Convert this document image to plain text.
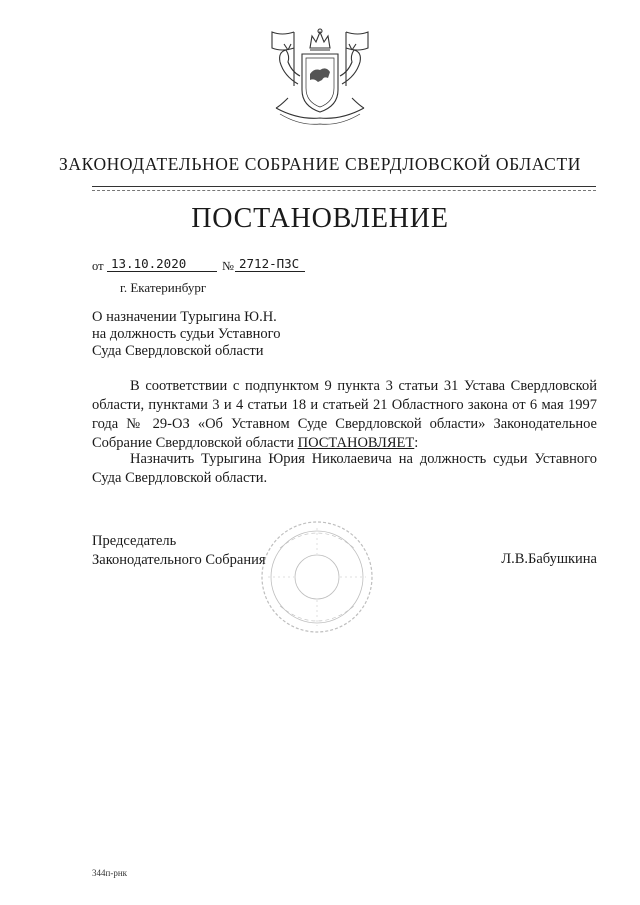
ЗАКОНОДАТЕЛЬНОЕ СОБРАНИЕ СВЕРДЛОВСКОЙ ОБЛАСТИ
ПОСТАНОВЛЕНИЕ
от 13.10.2020	№ 2712-ПЗС
г. Екатеринбург
О назначении Турыгина Ю.Н.
на должность судьи Уставного
Суда Свердловской области
В соответствии с подпунктом 9 пункта 3 статьи 31 Устава Свердловской области, пунктами 3 и 4 статьи 18 и статьей 21 Областного закона от 6 мая 1997 года № 29-ОЗ «Об Уставном Суде Свердловской области» Законодательное Собрание Свердловской области ПОСТАНОВЛЯЕТ:
Назначить Турыгина Юрия Николаевича на должность судьи Уставного Суда Свердловской области.
Председатель
Законодательного Собрания	Л.В.Бабушкина
344п-рнк
